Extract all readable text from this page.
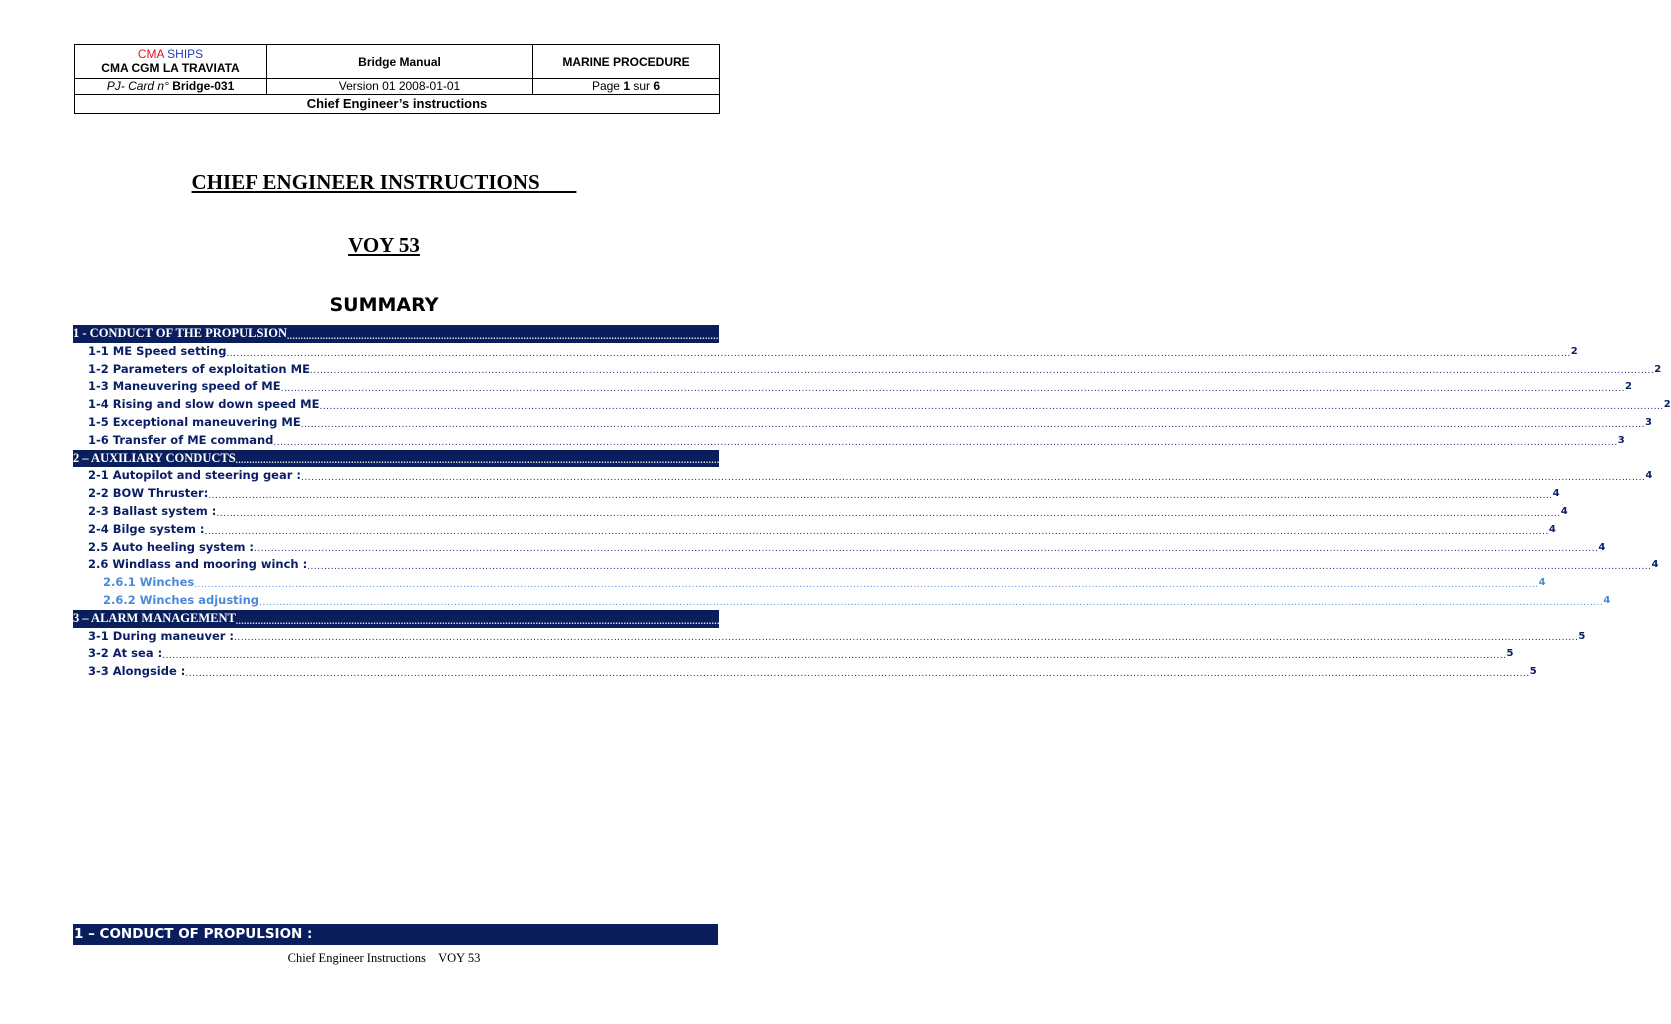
CMA SHIPS
CMA CGM LA TRAVIATA	Bridge Manual	MARINE PROCEDURE
PJ- Card n° Bridge-031	Version 01 2008-01-01	Page 1 sur 6
Chief Engineer’s instructions
CHIEF ENGINEER INSTRUCTIONS
VOY 53
SUMMARY
1 - CONDUCT OF THE PROPULSION ................................................................................................................................................................................................................................................................................................................................................................................................................ 2
1-1 ME Speed setting ................................................................................................................................................................................................................................................................................................................................................................................................................ 2
1-2 Parameters of exploitation ME ................................................................................................................................................................................................................................................................................................................................................................................................................ 2
1-3 Maneuvering speed of ME ................................................................................................................................................................................................................................................................................................................................................................................................................ 2
1-4 Rising and slow down speed ME ................................................................................................................................................................................................................................................................................................................................................................................................................ 2
1-5 Exceptional maneuvering ME ................................................................................................................................................................................................................................................................................................................................................................................................................ 3
1-6 Transfer of ME command ................................................................................................................................................................................................................................................................................................................................................................................................................ 3
2 – AUXILIARY CONDUCTS ................................................................................................................................................................................................................................................................................................................................................................................................................ 4
2-1 Autopilot and steering gear : ................................................................................................................................................................................................................................................................................................................................................................................................................ 4
2-2 BOW Thruster: ................................................................................................................................................................................................................................................................................................................................................................................................................ 4
2-3 Ballast system : ................................................................................................................................................................................................................................................................................................................................................................................................................ 4
2-4 Bilge system : ................................................................................................................................................................................................................................................................................................................................................................................................................ 4
2.5 Auto heeling system : ................................................................................................................................................................................................................................................................................................................................................................................................................ 4
2.6 Windlass and mooring winch : ................................................................................................................................................................................................................................................................................................................................................................................................................ 4
2.6.1 Winches ................................................................................................................................................................................................................................................................................................................................................................................................................ 4
2.6.2 Winches adjusting ................................................................................................................................................................................................................................................................................................................................................................................................................ 4
3 – ALARM MANAGEMENT ................................................................................................................................................................................................................................................................................................................................................................................................................ 5
3-1 During maneuver : ................................................................................................................................................................................................................................................................................................................................................................................................................ 5
3-2 At sea : ................................................................................................................................................................................................................................................................................................................................................................................................................ 5
3-3 Alongside : ................................................................................................................................................................................................................................................................................................................................................................................................................ 5
1 – CONDUCT OF PROPULSION :
Chief Engineer Instructions    VOY 53
